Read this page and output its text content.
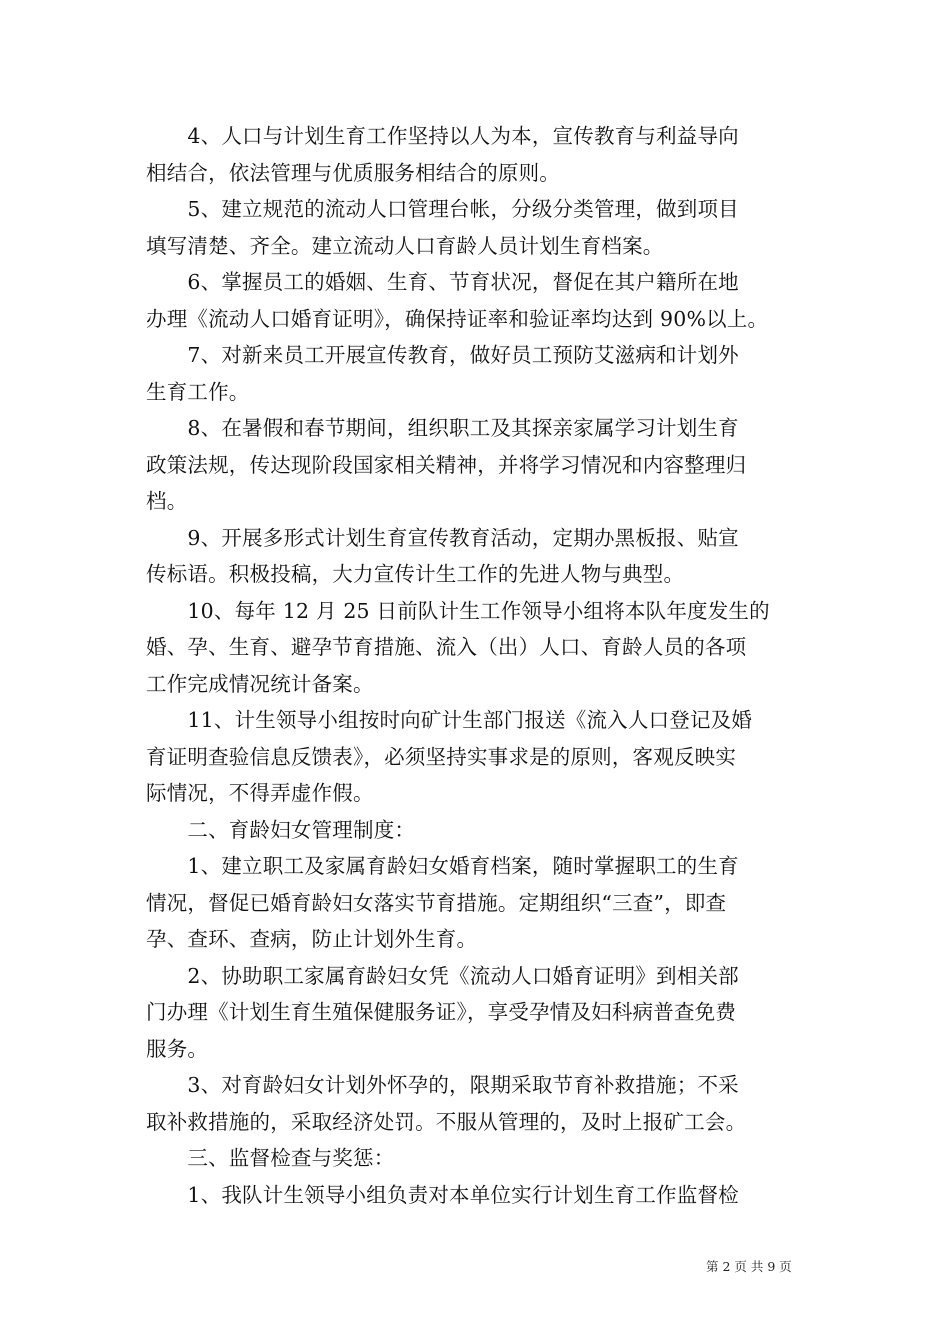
　　4、人口与计划生育工作坚持以人为本，宣传教育与利益导向
相结合，依法管理与优质服务相结合的原则。
　　5、建立规范的流动人口管理台帐，分级分类管理，做到项目
填写清楚、齐全。建立流动人口育龄人员计划生育档案。
　　6、掌握员工的婚姻、生育、节育状况，督促在其户籍所在地
办理《流动人口婚育证明》，确保持证率和验证率均达到 90%以上。
　　7、对新来员工开展宣传教育，做好员工预防艾滋病和计划外
生育工作。
　　8、在暑假和春节期间，组织职工及其探亲家属学习计划生育
政策法规，传达现阶段国家相关精神，并将学习情况和内容整理归
档。
　　9、开展多形式计划生育宣传教育活动，定期办黑板报、贴宣
传标语。积极投稿，大力宣传计生工作的先进人物与典型。
　　10、每年 12 月 25 日前队计生工作领导小组将本队年度发生的
婚、孕、生育、避孕节育措施、流入（出）人口、育龄人员的各项
工作完成情况统计备案。
　　11、计生领导小组按时向矿计生部门报送《流入人口登记及婚
育证明查验信息反馈表》，必须坚持实事求是的原则，客观反映实
际情况，不得弄虚作假。
　　二、育龄妇女管理制度：
　　1、建立职工及家属育龄妇女婚育档案，随时掌握职工的生育
情况，督促已婚育龄妇女落实节育措施。定期组织“三查”，即查
孕、查环、查病，防止计划外生育。
　　2、协助职工家属育龄妇女凭《流动人口婚育证明》到相关部
门办理《计划生育生殖保健服务证》，享受孕情及妇科病普查免费
服务。
　　3、对育龄妇女计划外怀孕的，限期采取节育补救措施；不采
取补救措施的，采取经济处罚。不服从管理的，及时上报矿工会。
　　三、监督检查与奖惩：
　　1、我队计生领导小组负责对本单位实行计划生育工作监督检
第 2 页 共 9 页
